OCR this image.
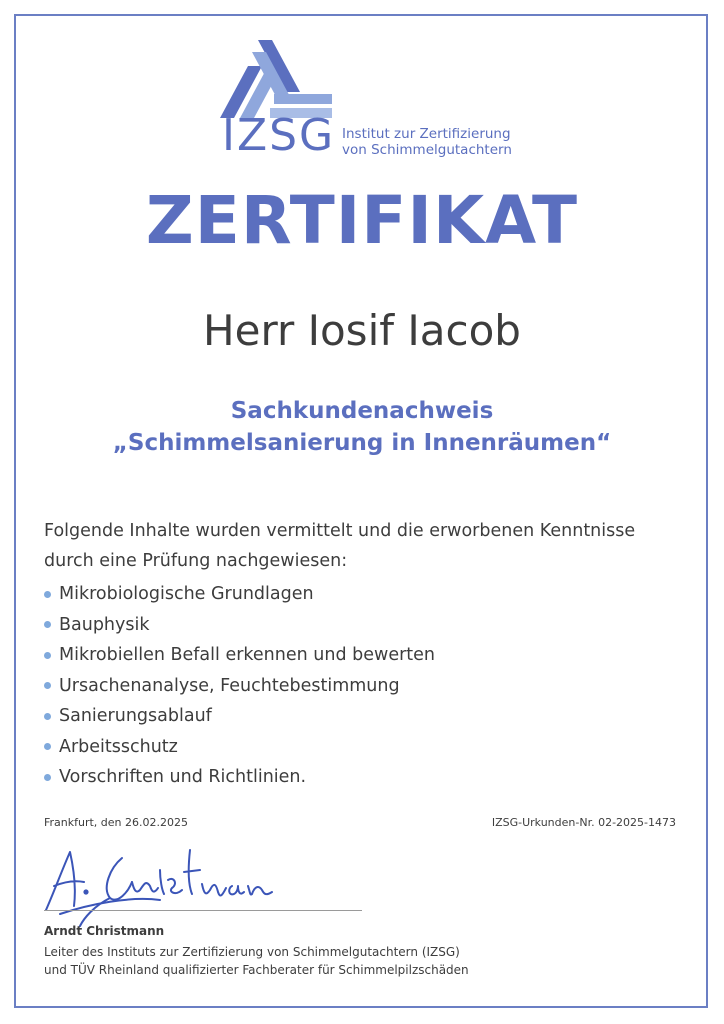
IZSG Institut zur Zertifizierung
von Schimmelgutachtern
ZERTIFIKAT
Herr Iosif Iacob
Sachkundenachweis
„Schimmelsanierung in Innenräumen“
Folgende Inhalte wurden vermittelt und die erworbenen Kenntnisse
durch eine Prüfung nachgewiesen:
Mikrobiologische Grundlagen
Bauphysik
Mikrobiellen Befall erkennen und bewerten
Ursachenanalyse, Feuchtebestimmung
Sanierungsablauf
Arbeitsschutz
Vorschriften und Richtlinien.
Frankfurt, den 26.02.2025	IZSG-Urkunden-Nr. 02-2025-1473
Arndt Christmann
Leiter des Instituts zur Zertifizierung von Schimmelgutachtern (IZSG)
und TÜV Rheinland qualifizierter Fachberater für Schimmelpilzschäden
